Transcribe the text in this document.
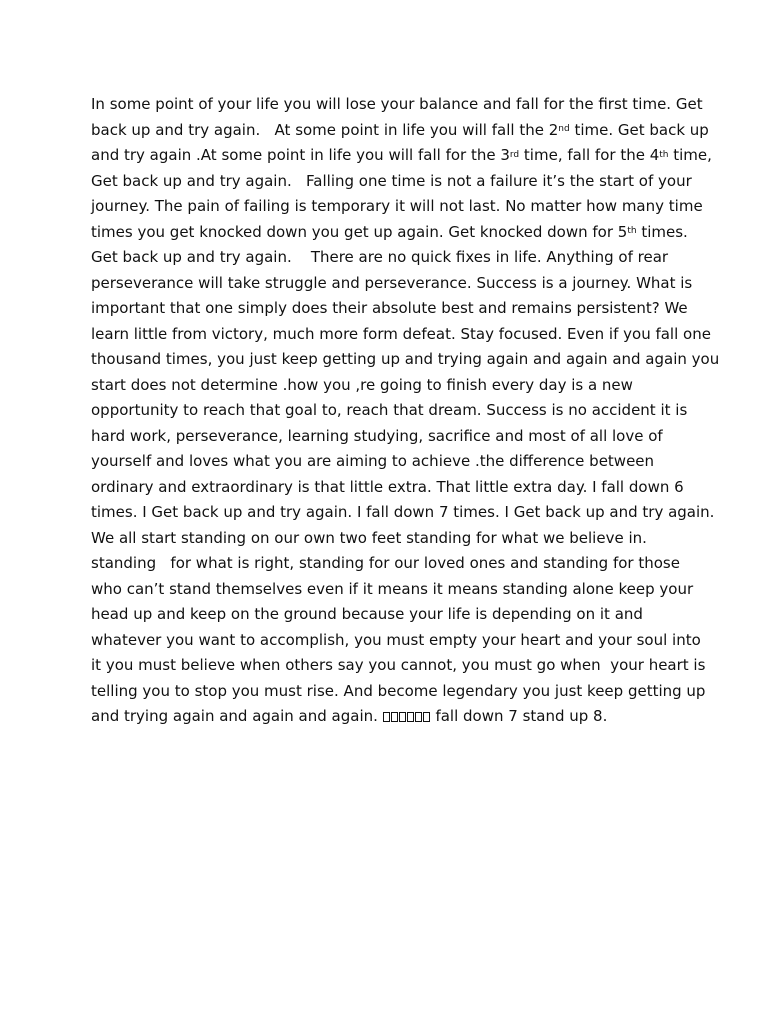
In some point of your life you will lose your balance and fall for the first time. Get
back up and try again.   At some point in life you will fall the 2nd time. Get back up
and try again .At some point in life you will fall for the 3rd time, fall for the 4th time,
Get back up and try again.   Falling one time is not a failure it’s the start of your
journey. The pain of failing is temporary it will not last. No matter how many time
times you get knocked down you get up again. Get knocked down for 5th times.
Get back up and try again.    There are no quick fixes in life. Anything of rear
perseverance will take struggle and perseverance. Success is a journey. What is
important that one simply does their absolute best and remains persistent? We
learn little from victory, much more form defeat. Stay focused. Even if you fall one
thousand times, you just keep getting up and trying again and again and again you
start does not determine .how you ,re going to finish every day is a new
opportunity to reach that goal to, reach that dream. Success is no accident it is
hard work, perseverance, learning studying, sacrifice and most of all love of
yourself and loves what you are aiming to achieve .the difference between
ordinary and extraordinary is that little extra. That little extra day. I fall down 6
times. I Get back up and try again. I fall down 7 times. I Get back up and try again.
We all start standing on our own two feet standing for what we believe in.
standing   for what is right, standing for our loved ones and standing for those
who can’t stand themselves even if it means it means standing alone keep your
head up and keep on the ground because your life is depending on it and
whatever you want to accomplish, you must empty your heart and your soul into
it you must believe when others say you cannot, you must go when  your heart is
telling you to stop you must rise. And become legendary you just keep getting up
and trying again and again and again.	fall down 7 stand up 8.
